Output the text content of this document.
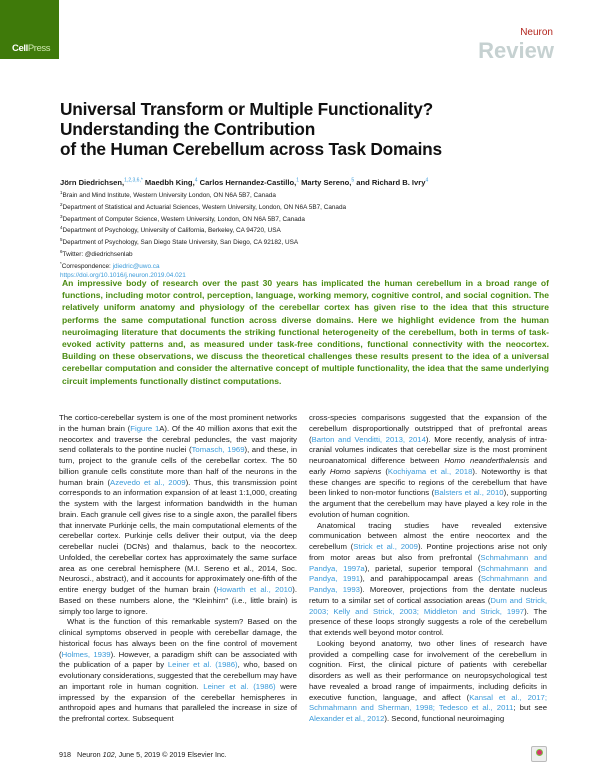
CellPress
Neuron
Review
Universal Transform or Multiple Functionality?
Understanding the Contribution
of the Human Cerebellum across Task Domains
Jörn Diedrichsen,$^{1,2,3,6,*}$ Maedbh King,$^4$ Carlos Hernandez-Castillo,$^1$ Marty Sereno,$^5$ and Richard B. Ivry$^4$
$^1$Brain and Mind Institute, Western University London, ON N6A 5B7, Canada
$^2$Department of Statistical and Actuarial Sciences, Western University, London, ON N6A 5B7, Canada
$^3$Department of Computer Science, Western University, London, ON N6A 5B7, Canada
$^4$Department of Psychology, University of California, Berkeley, CA 94720, USA
$^5$Department of Psychology, San Diego State University, San Diego, CA 92182, USA
$^6$Twitter: @diedrichsenlab
*Correspondence: jdiedric@uwo.ca
https://doi.org/10.1016/j.neuron.2019.04.021
An impressive body of research over the past 30 years has implicated the human cerebellum in a broad range of functions, including motor control, perception, language, working memory, cognitive control, and social cognition. The relatively uniform anatomy and physiology of the cerebellar cortex has given rise to the idea that this structure performs the same computational function across diverse domains. Here we highlight evidence from the human neuroimaging literature that documents the striking functional heterogeneity of the cerebellum, both in terms of task-evoked activity patterns and, as measured under task-free conditions, functional connectivity with the neocortex. Building on these observations, we discuss the theoretical challenges these results present to the idea of a universal cerebellar computation and consider the alternative concept of multiple functionality, the idea that the same underlying circuit implements functionally distinct computations.

The cortico-cerebellar system is one of the most prominent networks in the human brain (Figure 1A). Of the 40 million axons that exit the neocortex and traverse the cerebral peduncles, the vast majority send collaterals to the pontine nuclei (Tomasch, 1969), and these, in turn, project to the granule cells of the cerebellar cortex. The 50 billion granule cells constitute more than half of the neurons in the human brain (Azevedo et al., 2009). Thus, this transmission point corresponds to an information expansion of at least 1:1,000, creating the system with the largest information bandwidth in the human brain. Each granule cell gives rise to a single axon, the parallel fibers that innervate Purkinje cells, the main computational elements of the cerebellar cortex. Purkinje cells deliver their output, via the deep cerebellar nuclei (DCNs) and thalamus, back to the neocortex. Unfolded, the cerebellar cortex has approximately the same surface area as one cerebral hemisphere (M.I. Sereno et al., 2014, Soc. Neurosci., abstract), and it accounts for approximately one-fifth of the entire energy budget of the human brain (Howarth et al., 2010). Based on these numbers alone, the “Kleinhirn” (i.e., little brain) is simply too large to ignore.

What is the function of this remarkable system? Based on the clinical symptoms observed in people with cerebellar damage, the historical focus has always been on the fine control of movement (Holmes, 1939). However, a paradigm shift can be associated with the publication of a paper by Leiner et al. (1986), who, based on evolutionary considerations, suggested that the cerebellum may have an important role in human cognition. Leiner et al. (1986) were impressed by the expansion of the cerebellar hemispheres in anthropoid apes and humans that paralleled the increase in size of the prefrontal cortex. Subsequent

cross-species comparisons suggested that the expansion of the cerebellum disproportionally outstripped that of prefrontal areas (Barton and Venditti, 2013, 2014). More recently, analysis of intra-cranial volumes indicates that cerebellar size is the most prominent neuroanatomical difference between Homo neanderthalensis and early Homo sapiens (Kochiyama et al., 2018). Noteworthy is that these changes are specific to regions of the cerebellum that have been linked to non-motor functions (Balsters et al., 2010), supporting the argument that the cerebellum may have played a key role in the evolution of human cognition.

Anatomical tracing studies have revealed extensive communication between almost the entire neocortex and the cerebellum (Strick et al., 2009). Pontine projections arise not only from motor areas but also from prefrontal (Schmahmann and Pandya, 1997a), parietal, superior temporal (Schmahmann and Pandya, 1991), and parahippocampal areas (Schmahmann and Pandya, 1993). Moreover, projections from the dentate nucleus return to a similar set of cortical association areas (Dum and Strick, 2003; Kelly and Strick, 2003; Middleton and Strick, 1997). The presence of these loops strongly suggests a role of the cerebellum that extends well beyond motor control.

Looking beyond anatomy, two other lines of research have provided a compelling case for involvement of the cerebellum in cognition. First, the clinical picture of patients with cerebellar disorders as well as their performance on neuropsychological test have revealed a broad range of impairments, including deficits in executive function, language, and affect (Kansal et al., 2017; Schmahmann and Sherman, 1998; Tedesco et al., 2011; but see Alexander et al., 2012). Second, functional neuroimaging

918 Neuron 102, June 5, 2019 © 2019 Elsevier Inc.
